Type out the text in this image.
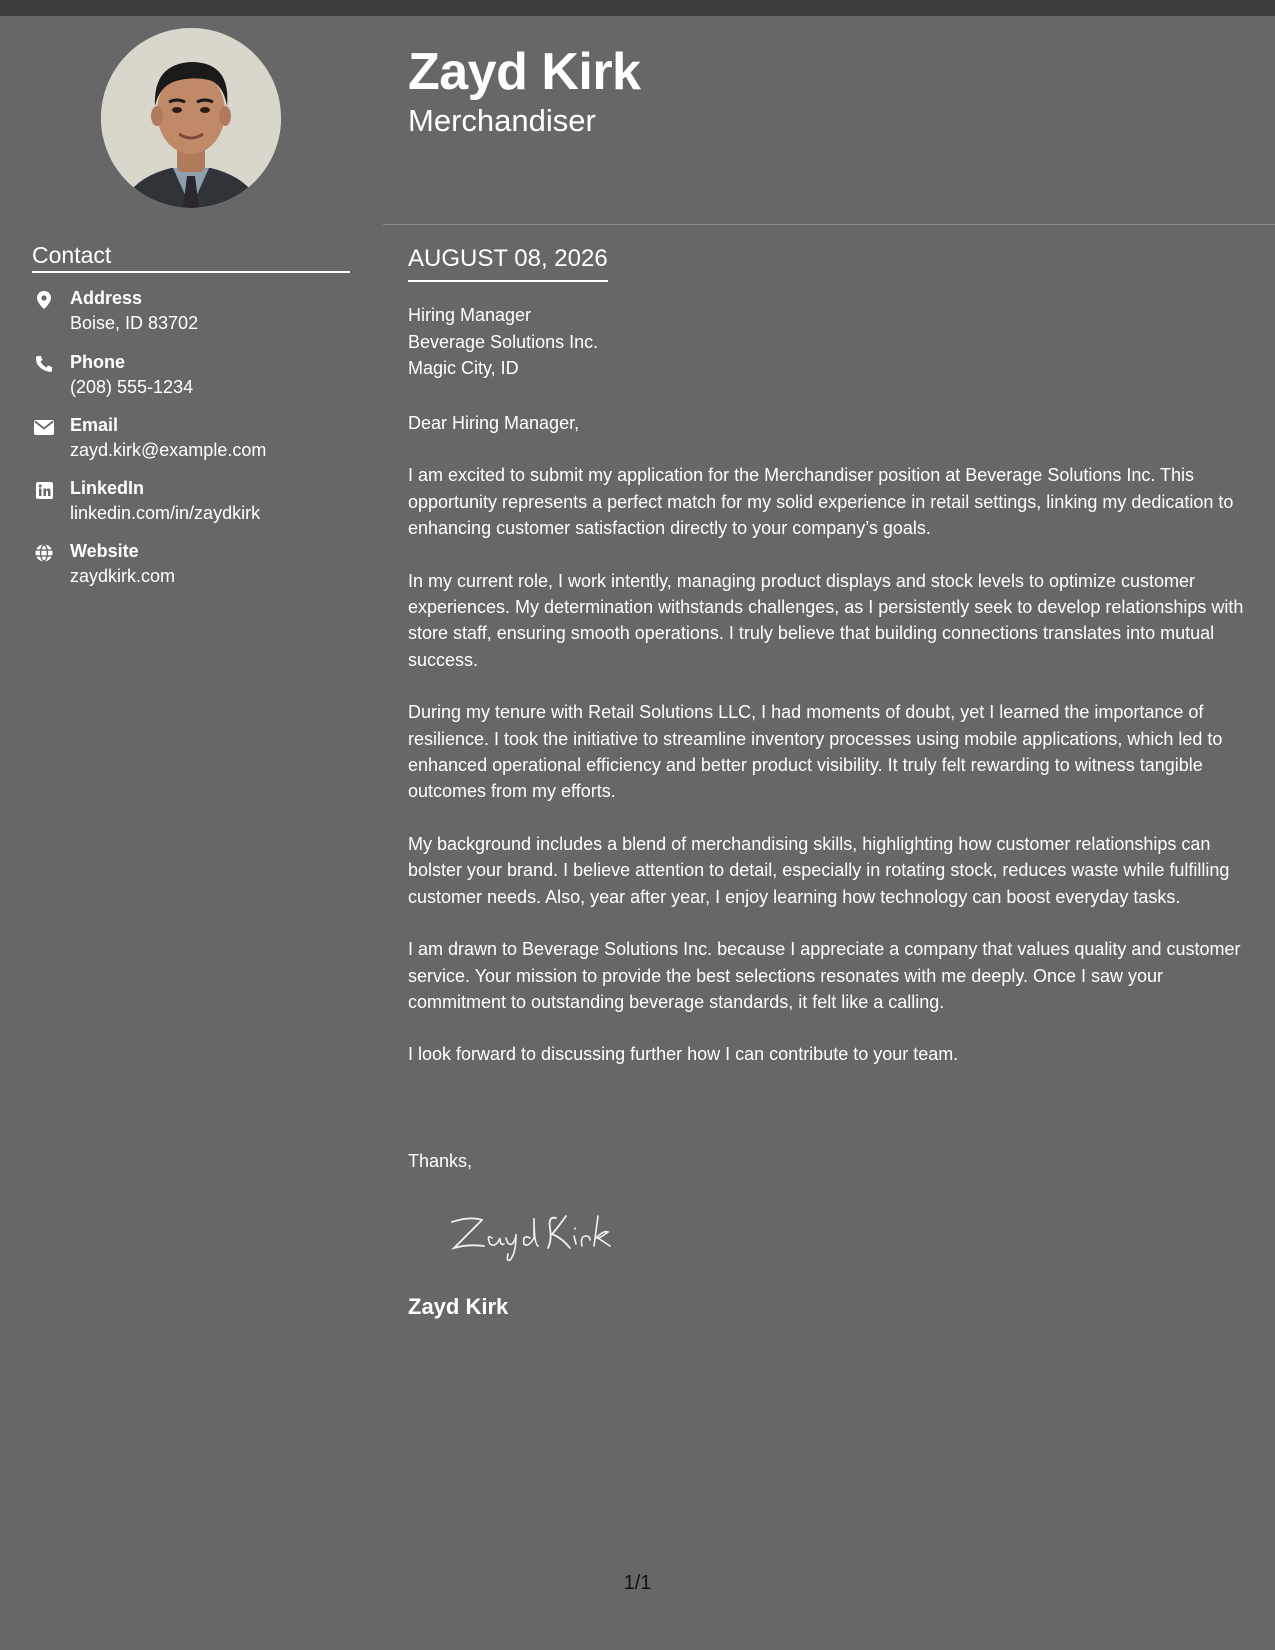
Zayd Kirk
Merchandiser
Contact
Address
Boise, ID 83702
Phone
(208) 555-1234
Email
zayd.kirk@example.com
LinkedIn
linkedin.com/in/zaydkirk
Website
zaydkirk.com
AUGUST 08, 2026
Hiring Manager
Beverage Solutions Inc.
Magic City, ID

Dear Hiring Manager,

I am excited to submit my application for the Merchandiser position at Beverage Solutions Inc. This opportunity represents a perfect match for my solid experience in retail settings, linking my dedication to enhancing customer satisfaction directly to your company’s goals.

In my current role, I work intently, managing product displays and stock levels to optimize customer experiences. My determination withstands challenges, as I persistently seek to develop relationships with store staff, ensuring smooth operations. I truly believe that building connections translates into mutual success.

During my tenure with Retail Solutions LLC, I had moments of doubt, yet I learned the importance of resilience. I took the initiative to streamline inventory processes using mobile applications, which led to enhanced operational efficiency and better product visibility. It truly felt rewarding to witness tangible outcomes from my efforts.

My background includes a blend of merchandising skills, highlighting how customer relationships can bolster your brand. I believe attention to detail, especially in rotating stock, reduces waste while fulfilling customer needs. Also, year after year, I enjoy learning how technology can boost everyday tasks.

I am drawn to Beverage Solutions Inc. because I appreciate a company that values quality and customer service. Your mission to provide the best selections resonates with me deeply. Once I saw your commitment to outstanding beverage standards, it felt like a calling.

I look forward to discussing further how I can contribute to your team.

Thanks,
Zayd Kirk
1/1
